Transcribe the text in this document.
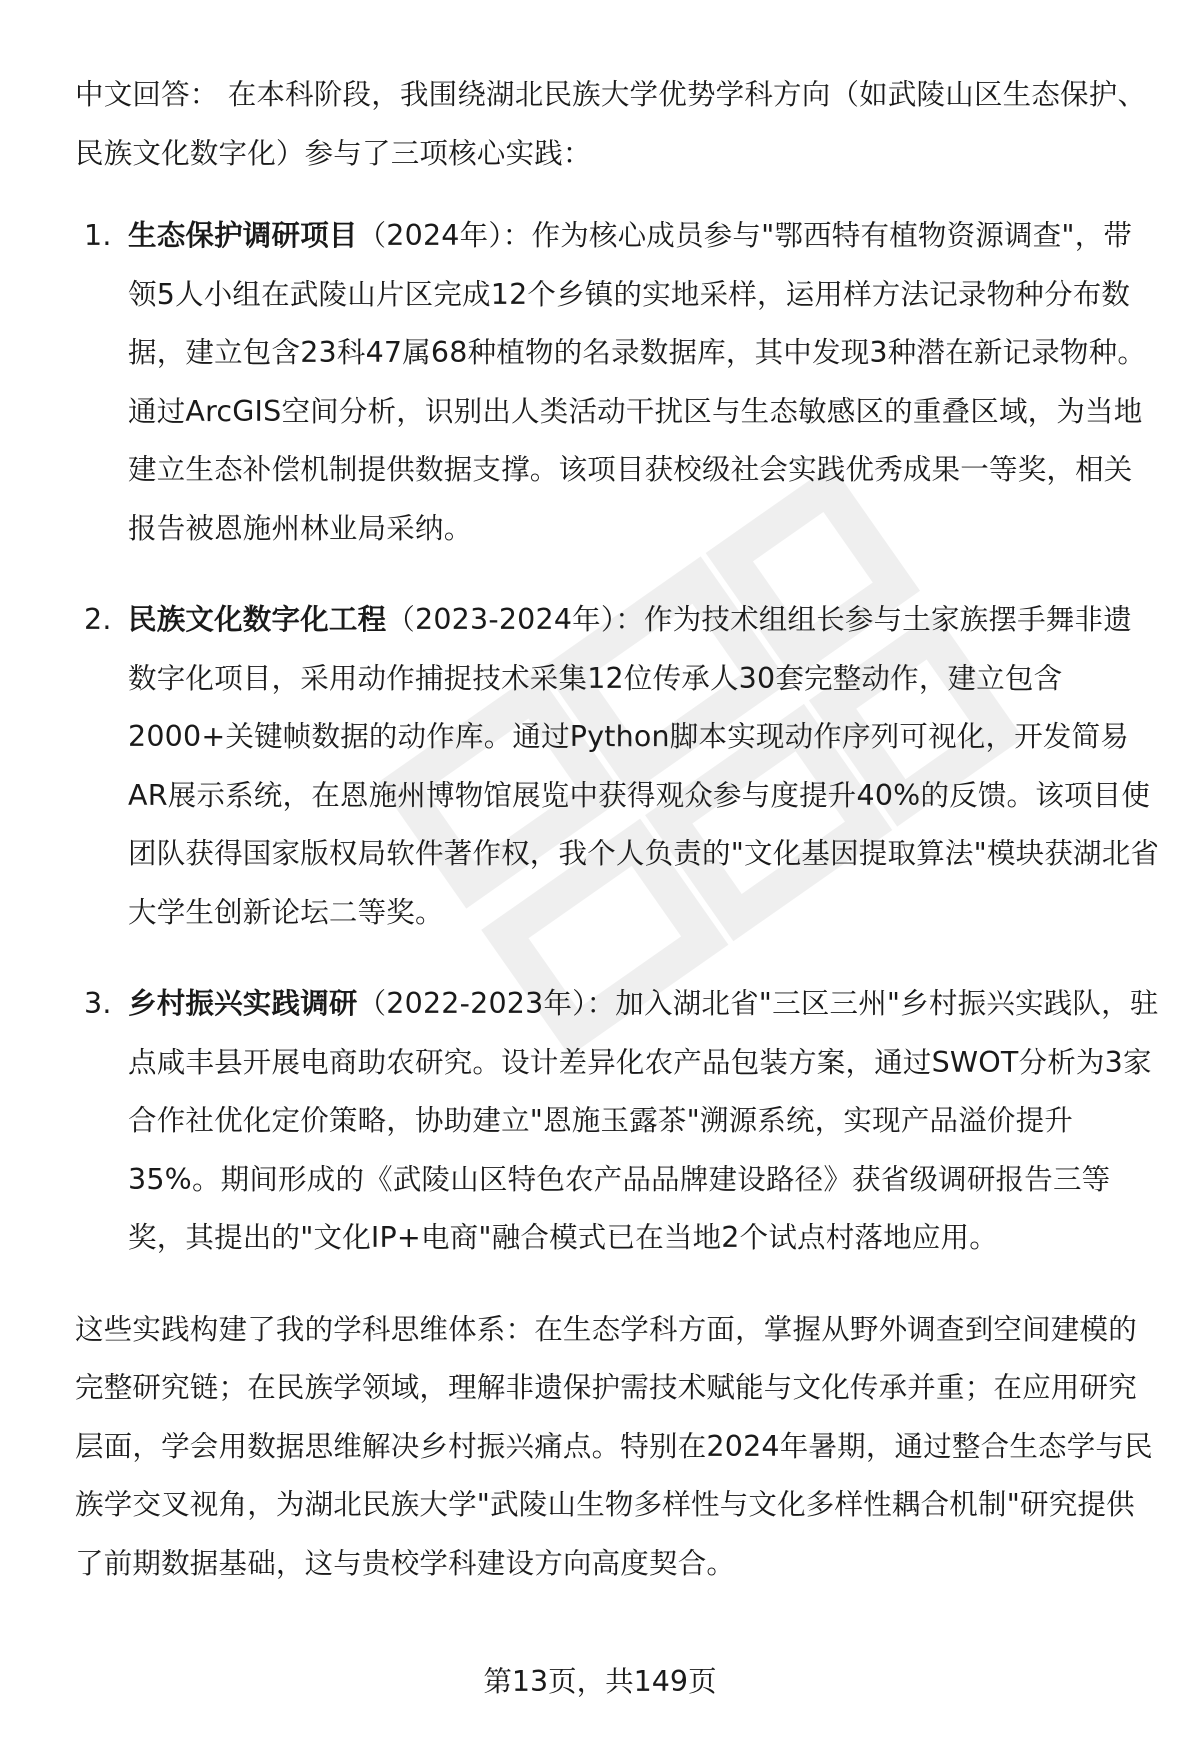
中文回答： 在本科阶段，我围绕湖北民族大学优势学科方向（如武陵山区生态保护、民族文化数字化）参与了三项核心实践：

1. 生态保护调研项目（2024年）：作为核心成员参与"鄂西特有植物资源调查"，带领5人小组在武陵山片区完成12个乡镇的实地采样，运用样方法记录物种分布数据，建立包含23科47属68种植物的名录数据库，其中发现3种潜在新记录物种。通过ArcGIS空间分析，识别出人类活动干扰区与生态敏感区的重叠区域，为当地建立生态补偿机制提供数据支撑。该项目获校级社会实践优秀成果一等奖，相关报告被恩施州林业局采纳。
2. 民族文化数字化工程（2023-2024年）：作为技术组组长参与土家族摆手舞非遗数字化项目，采用动作捕捉技术采集12位传承人30套完整动作，建立包含2000+关键帧数据的动作库。通过Python脚本实现动作序列可视化，开发简易AR展示系统，在恩施州博物馆展览中获得观众参与度提升40%的反馈。该项目使团队获得国家版权局软件著作权，我个人负责的"文化基因提取算法"模块获湖北省大学生创新论坛二等奖。
3. 乡村振兴实践调研（2022-2023年）：加入湖北省"三区三州"乡村振兴实践队，驻点咸丰县开展电商助农研究。设计差异化农产品包装方案，通过SWOT分析为3家合作社优化定价策略，协助建立"恩施玉露茶"溯源系统，实现产品溢价提升35%。期间形成的《武陵山区特色农产品品牌建设路径》获省级调研报告三等奖，其提出的"文化IP+电商"融合模式已在当地2个试点村落地应用。

这些实践构建了我的学科思维体系：在生态学科方面，掌握从野外调查到空间建模的完整研究链；在民族学领域，理解非遗保护需技术赋能与文化传承并重；在应用研究层面，学会用数据思维解决乡村振兴痛点。特别在2024年暑期，通过整合生态学与民族学交叉视角，为湖北民族大学"武陵山生物多样性与文化多样性耦合机制"研究提供了前期数据基础，这与贵校学科建设方向高度契合。

第13页，共149页
